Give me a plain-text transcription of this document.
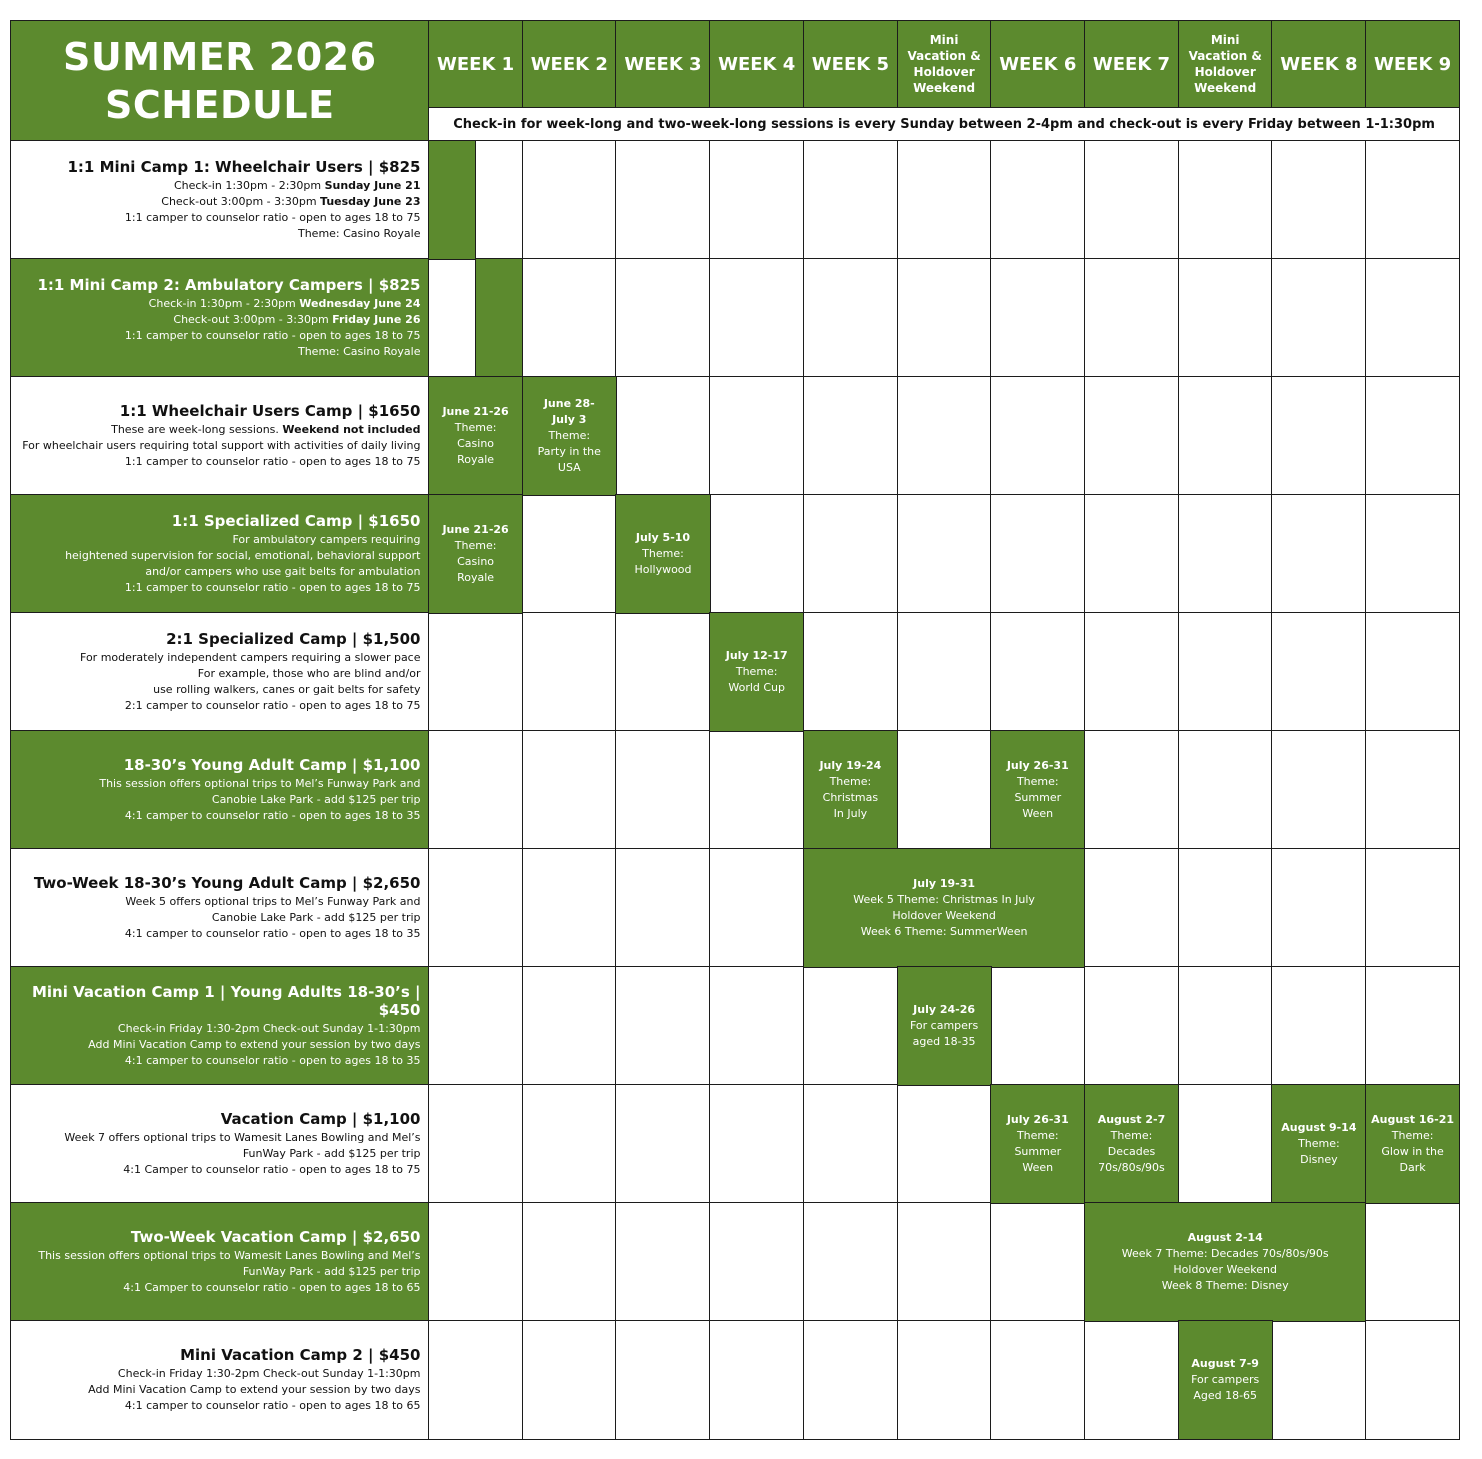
SUMMER 2026
SCHEDULE
WEEK 1 WEEK 2 WEEK 3 WEEK 4 WEEK 5
Mini Vacation & Holdover Weekend
WEEK 6 WEEK 7
Mini Vacation & Holdover Weekend
WEEK 8 WEEK 9
Check-in for week-long and two-week-long sessions is every Sunday between 2-4pm and check-out is every Friday between 1-1:30pm
1:1 Mini Camp 1: Wheelchair Users | $825
Check-in 1:30pm - 2:30pm Sunday June 21
Check-out 3:00pm - 3:30pm Tuesday June 23
1:1 camper to counselor ratio - open to ages 18 to 75
Theme: Casino Royale
1:1 Mini Camp 2: Ambulatory Campers | $825
Check-in 1:30pm - 2:30pm Wednesday June 24
Check-out 3:00pm - 3:30pm Friday June 26
1:1 camper to counselor ratio - open to ages 18 to 75
Theme: Casino Royale
1:1 Wheelchair Users Camp | $1650
These are week-long sessions. Weekend not included
For wheelchair users requiring total support with activities of daily living
1:1 camper to counselor ratio - open to ages 18 to 75
1:1 Specialized Camp | $1650
For ambulatory campers requiring
heightened supervision for social, emotional, behavioral support
and/or campers who use gait belts for ambulation
1:1 camper to counselor ratio - open to ages 18 to 75
2:1 Specialized Camp | $1,500
For moderately independent campers requiring a slower pace
For example, those who are blind and/or
use rolling walkers, canes or gait belts for safety
2:1 camper to counselor ratio - open to ages 18 to 75
18-30’s Young Adult Camp | $1,100
This session offers optional trips to Mel’s Funway Park and
Canobie Lake Park - add $125 per trip
4:1 camper to counselor ratio - open to ages 18 to 35
Two-Week 18-30’s Young Adult Camp | $2,650
Week 5 offers optional trips to Mel’s Funway Park and
Canobie Lake Park - add $125 per trip
4:1 camper to counselor ratio - open to ages 18 to 35
Mini Vacation Camp 1 | Young Adults 18-30’s | $450
Check-in Friday 1:30-2pm Check-out Sunday 1-1:30pm
Add Mini Vacation Camp to extend your session by two days
4:1 camper to counselor ratio - open to ages 18 to 35
Vacation Camp | $1,100
Week 7 offers optional trips to Wamesit Lanes Bowling and Mel’s
FunWay Park - add $125 per trip
4:1 Camper to counselor ratio - open to ages 18 to 75
Two-Week Vacation Camp | $2,650
This session offers optional trips to Wamesit Lanes Bowling and Mel’s
FunWay Park - add $125 per trip
4:1 Camper to counselor ratio - open to ages 18 to 65
Mini Vacation Camp 2 | $450
Check-in Friday 1:30-2pm Check-out Sunday 1-1:30pm
Add Mini Vacation Camp to extend your session by two days
4:1 camper to counselor ratio - open to ages 18 to 65
June 21-26
Theme:
Casino
Royale
June 28-
July 3
Theme:
Party in the
USA
June 21-26
Theme:
Casino
Royale
July 5-10
Theme:
Hollywood
July 12-17
Theme:
World Cup
July 19-24
Theme:
Christmas
In July
July 26-31
Theme:
Summer
Ween
July 19-31
Week 5 Theme: Christmas In July
Holdover Weekend
Week 6 Theme: SummerWeen
July 24-26
For campers
aged 18-35
July 26-31
Theme:
Summer
Ween
August 2-7
Theme:
Decades
70s/80s/90s
August 9-14
Theme:
Disney
August 16-21
Theme:
Glow in the
Dark
August 2-14
Week 7 Theme: Decades 70s/80s/90s
Holdover Weekend
Week 8 Theme: Disney
August 7-9
For campers
Aged 18-65
